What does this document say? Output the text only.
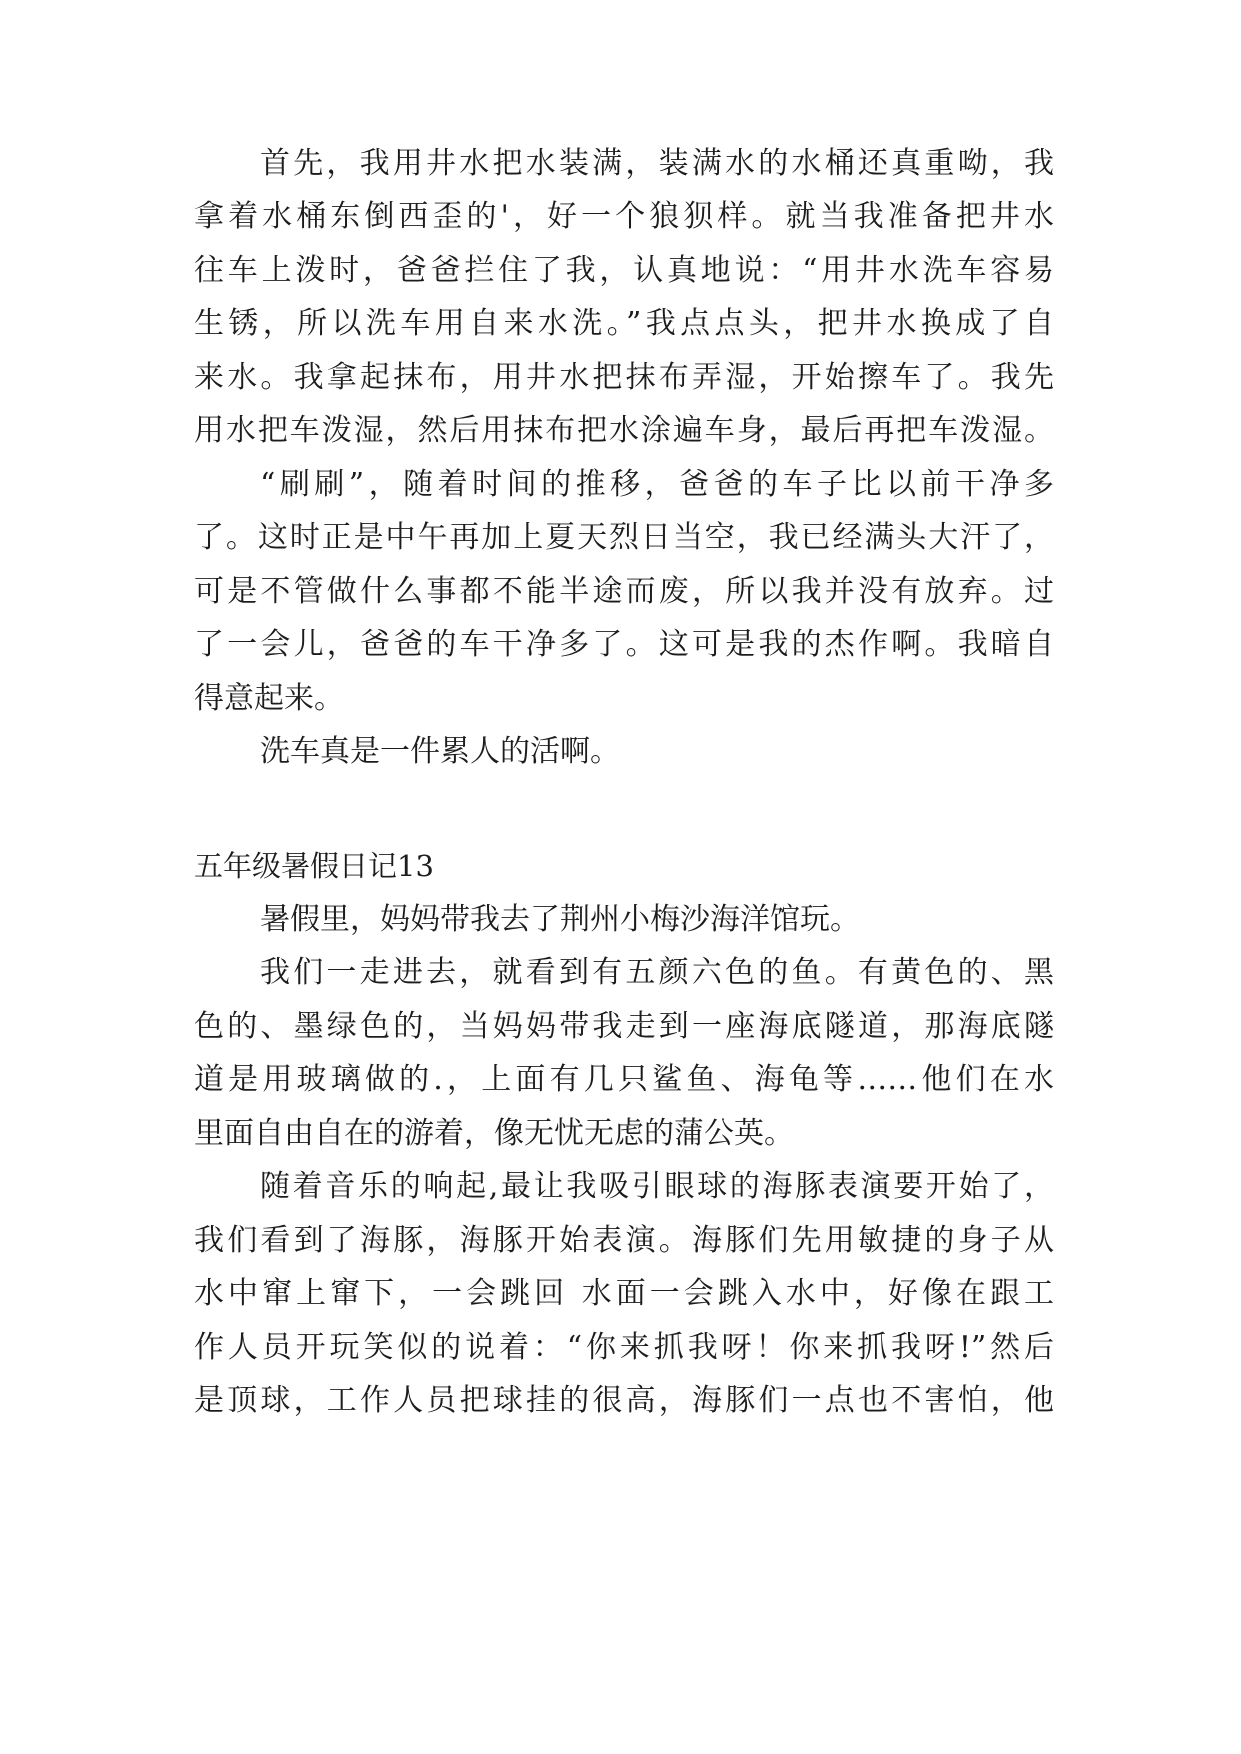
首先，我用井水把水装满，装满水的水桶还真重呦，我
拿着水桶东倒西歪的'，好一个狼狈样。就当我准备把井水
往车上泼时，爸爸拦住了我，认真地说：“用井水洗车容易
生锈，所以洗车用自来水洗。”我点点头，把井水换成了自
来水。我拿起抹布，用井水把抹布弄湿，开始擦车了。我先
用水把车泼湿，然后用抹布把水涂遍车身，最后再把车泼湿。
“刷刷”，随着时间的推移，爸爸的车子比以前干净多
了。这时正是中午再加上夏天烈日当空，我已经满头大汗了，
可是不管做什么事都不能半途而废，所以我并没有放弃。过
了一会儿，爸爸的车干净多了。这可是我的杰作啊。我暗自
得意起来。
洗车真是一件累人的活啊。
五年级暑假日记13
暑假里，妈妈带我去了荆州小梅沙海洋馆玩。
我们一走进去，就看到有五颜六色的鱼。有黄色的、黑
色的、墨绿色的，当妈妈带我走到一座海底隧道，那海底隧
道是用玻璃做的.，上面有几只鲨鱼、海龟等……他们在水
里面自由自在的游着，像无忧无虑的蒲公英。
随着音乐的响起,最让我吸引眼球的海豚表演要开始了，
我们看到了海豚，海豚开始表演。海豚们先用敏捷的身子从
水中窜上窜下，一会跳回 水面一会跳入水中，好像在跟工
作人员开玩笑似的说着：“你来抓我呀！你来抓我呀!”然后
是顶球，工作人员把球挂的很高，海豚们一点也不害怕，他
